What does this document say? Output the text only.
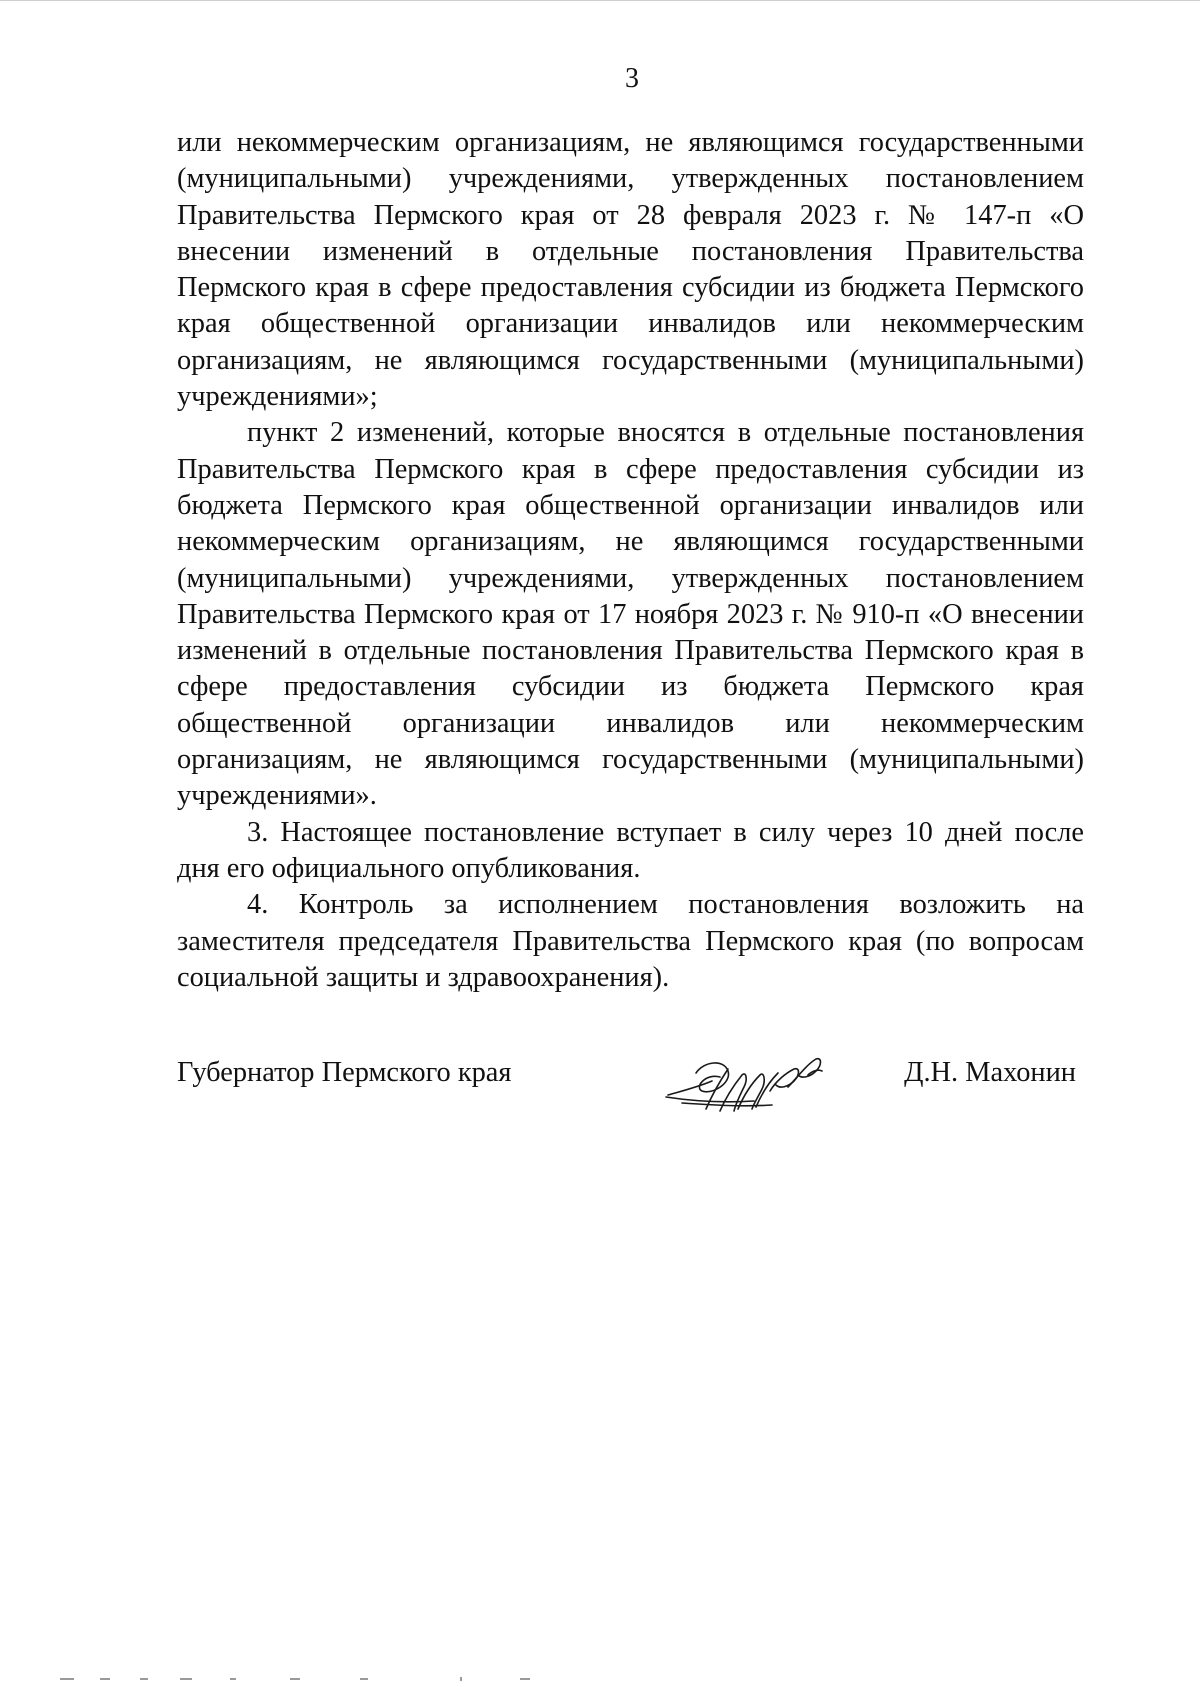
3

или некоммерческим организациям, не являющимся государственными (муниципальными) учреждениями, утвержденных постановлением Правительства Пермского края от 28 февраля 2023 г. № 147-п «О внесении изменений в отдельные постановления Правительства Пермского края в сфере предоставления субсидии из бюджета Пермского края общественной организации инвалидов или некоммерческим организациям, не являющимся государственными (муниципальными) учреждениями»;

пункт 2 изменений, которые вносятся в отдельные постановления Правительства Пермского края в сфере предоставления субсидии из бюджета Пермского края общественной организации инвалидов или некоммерческим организациям, не являющимся государственными (муниципальными) учреждениями, утвержденных постановлением Правительства Пермского края от 17 ноября 2023 г. № 910-п «О внесении изменений в отдельные постановления Правительства Пермского края в сфере предоставления субсидии из бюджета Пермского края общественной организации инвалидов или некоммерческим организациям, не являющимся государственными (муниципальными) учреждениями».

3. Настоящее постановление вступает в силу через 10 дней после дня его официального опубликования.

4. Контроль за исполнением постановления возложить на заместителя председателя Правительства Пермского края (по вопросам социальной защиты и здравоохранения).

Губернатор Пермского края	Д.Н. Махонин
